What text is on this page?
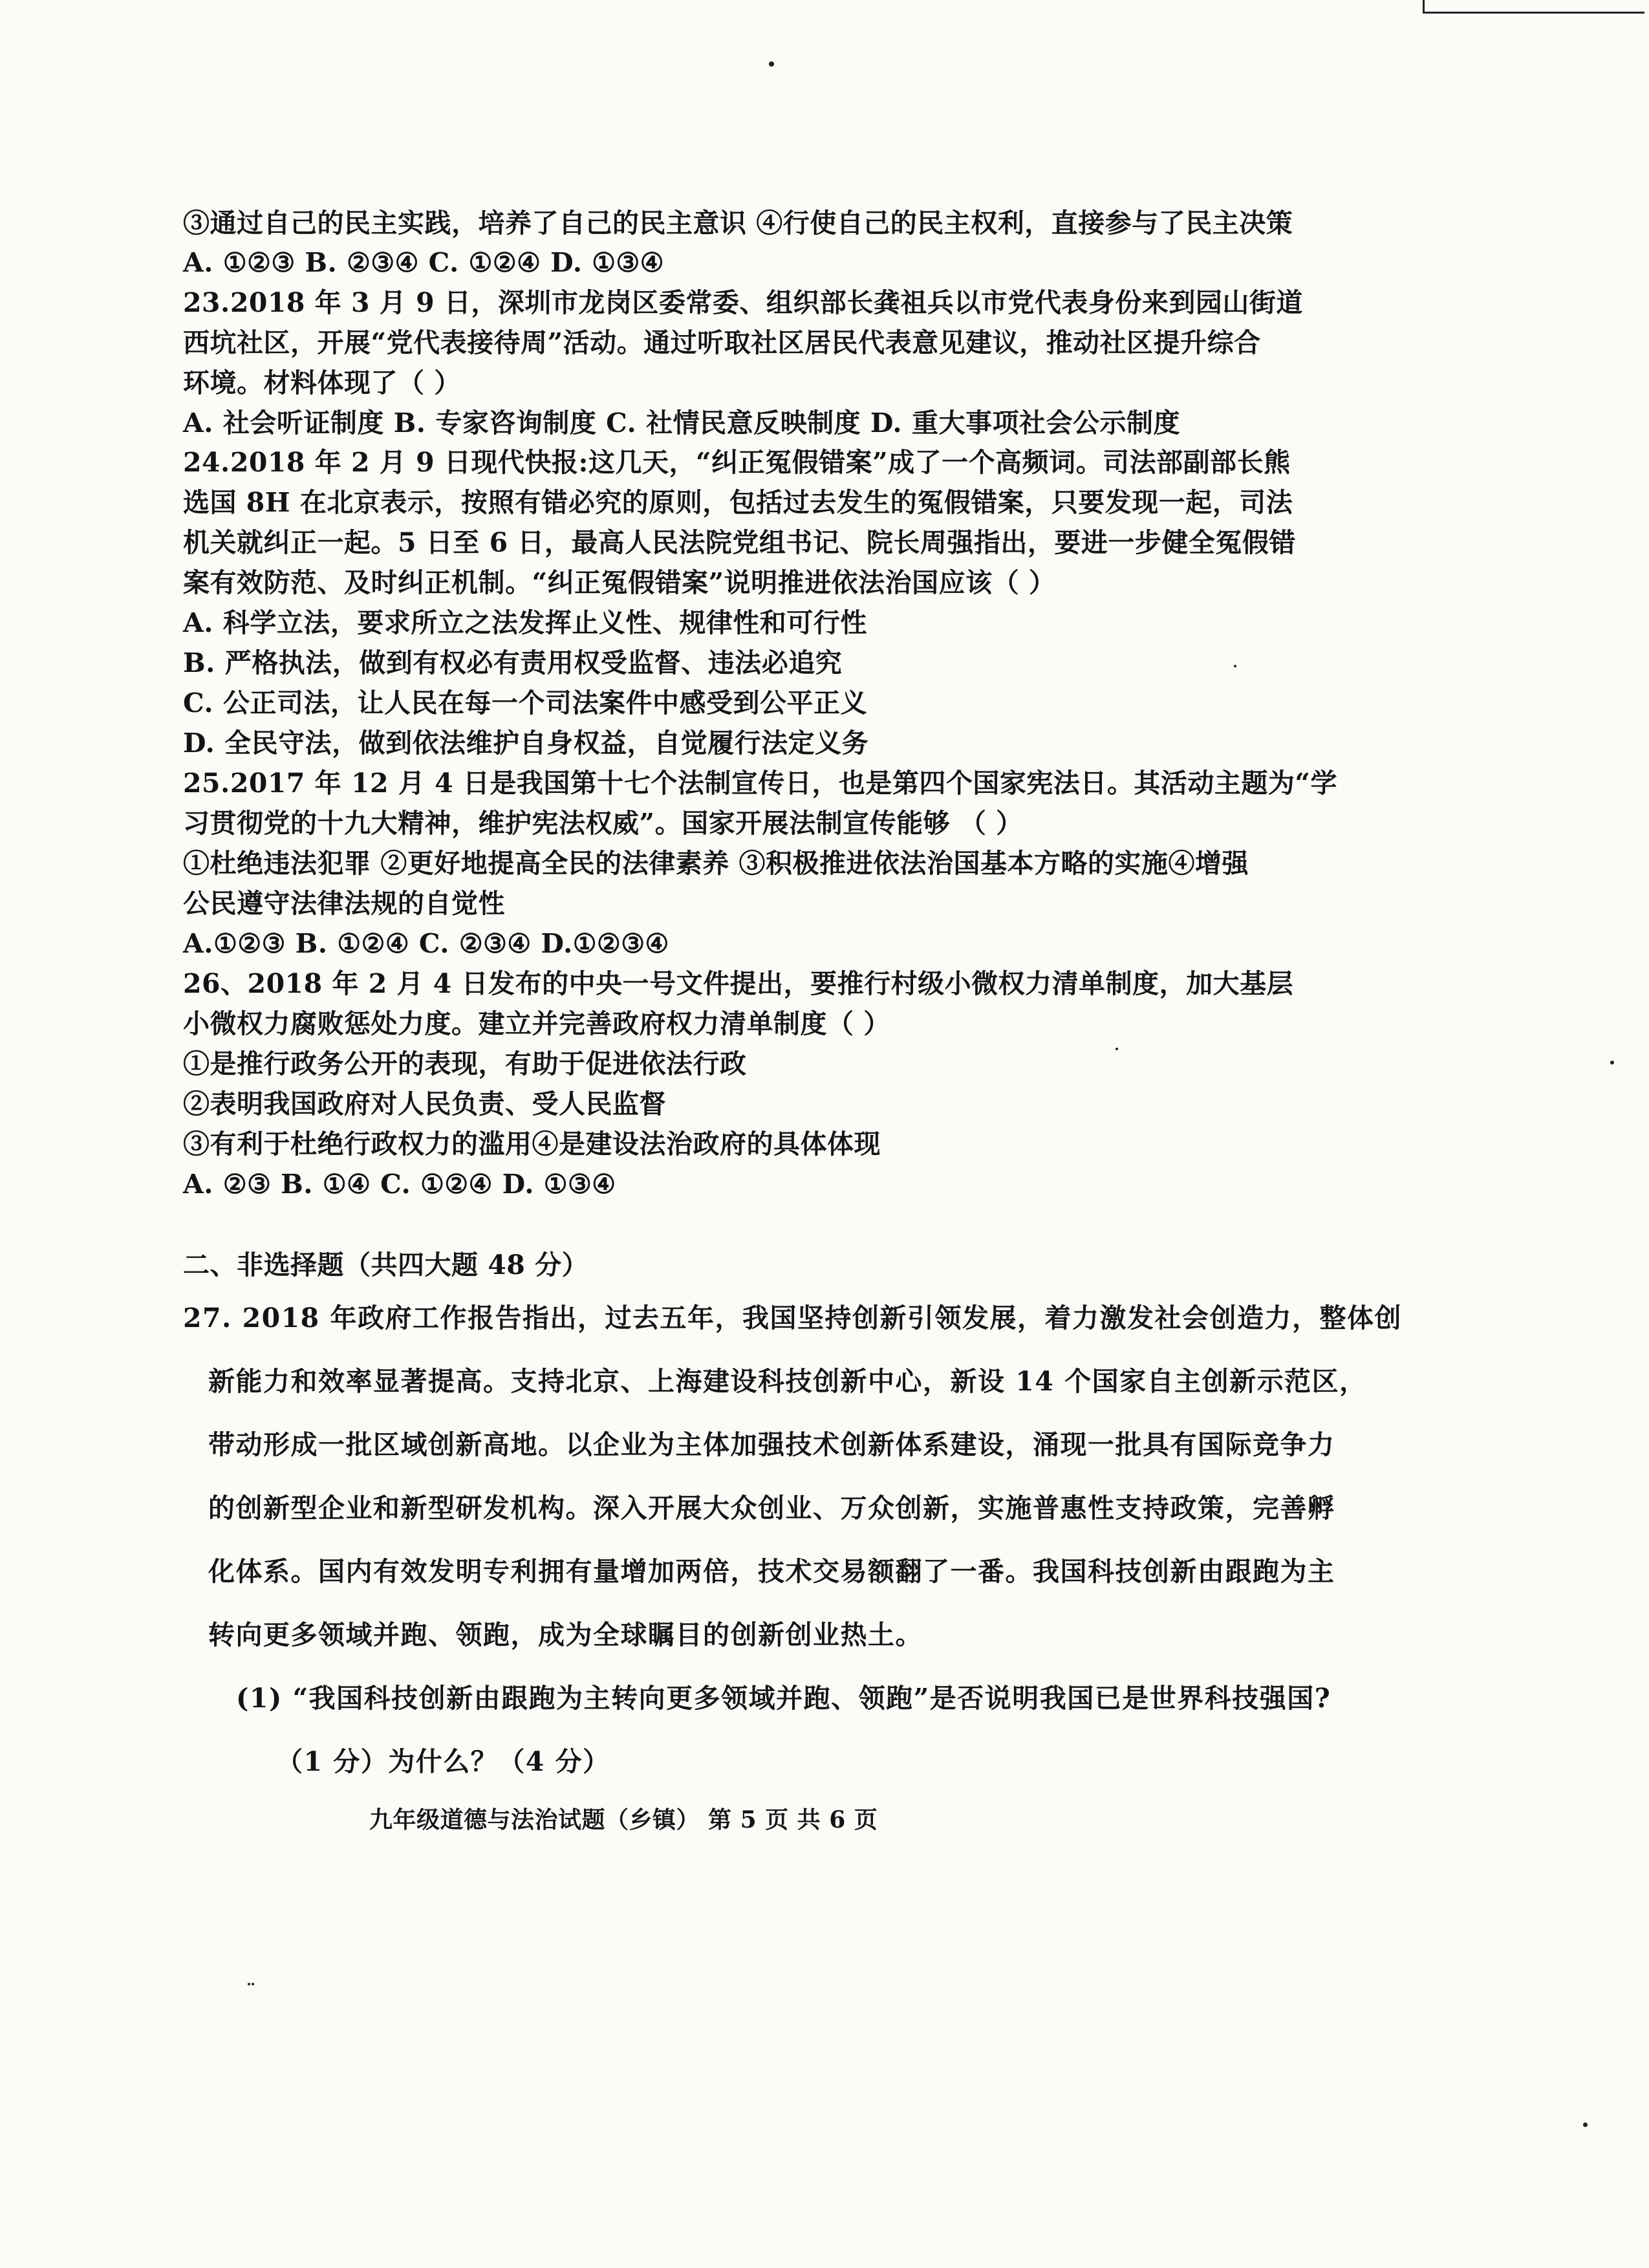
③通过自己的民主实践，培养了自己的民主意识 ④行使自己的民主权利，直接参与了民主决策
A. ①②③ B. ②③④ C. ①②④ D. ①③④
23.2018 年 3 月 9 日，深圳市龙岗区委常委、组织部长龚祖兵以市党代表身份来到园山街道
西坑社区，开展“党代表接待周”活动。通过听取社区居民代表意见建议，推动社区提升综合
环境。材料体现了（ ）
A. 社会听证制度 B. 专家咨询制度 C. 社情民意反映制度 D. 重大事项社会公示制度
24.2018 年 2 月 9 日现代快报:这几天，“纠正冤假错案”成了一个高频词。司法部副部长熊
选国 8H 在北京表示，按照有错必究的原则，包括过去发生的冤假错案，只要发现一起，司法
机关就纠正一起。5 日至 6 日，最高人民法院党组书记、院长周强指出，要进一步健全冤假错
案有效防范、及时纠正机制。“纠正冤假错案”说明推进依法治国应该（ ）
A. 科学立法，要求所立之法发挥止义性、规律性和可行性
B. 严格执法，做到有权必有责用权受监督、违法必追究
C. 公正司法，让人民在每一个司法案件中感受到公平正义
D. 全民守法，做到依法维护自身权益，自觉履行法定义务
25.2017 年 12 月 4 日是我国第十七个法制宣传日，也是第四个国家宪法日。其活动主题为“学
习贯彻党的十九大精神，维护宪法权威”。国家开展法制宣传能够 （ ）
①杜绝违法犯罪 ②更好地提高全民的法律素养 ③积极推进依法治国基本方略的实施④增强
公民遵守法律法规的自觉性
A.①②③ B. ①②④ C. ②③④ D.①②③④
26、2018 年 2 月 4 日发布的中央一号文件提出，要推行村级小微权力清单制度，加大基层
小微权力腐败惩处力度。建立并完善政府权力清单制度（ ）
①是推行政务公开的表现，有助于促进依法行政
②表明我国政府对人民负责、受人民监督
③有利于杜绝行政权力的滥用④是建设法治政府的具体体现
A. ②③ B. ①④ C. ①②④ D. ①③④
二、非选择题（共四大题 48 分）
27. 2018 年政府工作报告指出，过去五年，我国坚持创新引领发展，着力激发社会创造力，整体创
新能力和效率显著提高。支持北京、上海建设科技创新中心，新设 14 个国家自主创新示范区，
带动形成一批区域创新高地。以企业为主体加强技术创新体系建设，涌现一批具有国际竞争力
的创新型企业和新型研发机构。深入开展大众创业、万众创新，实施普惠性支持政策，完善孵
化体系。国内有效发明专利拥有量增加两倍，技术交易额翻了一番。我国科技创新由跟跑为主
转向更多领域并跑、领跑，成为全球瞩目的创新创业热土。
(1) “我国科技创新由跟跑为主转向更多领域并跑、领跑”是否说明我国已是世界科技强国?
（1 分）为什么？（4 分）
九年级道德与法治试题（乡镇） 第 5 页 共 6 页
